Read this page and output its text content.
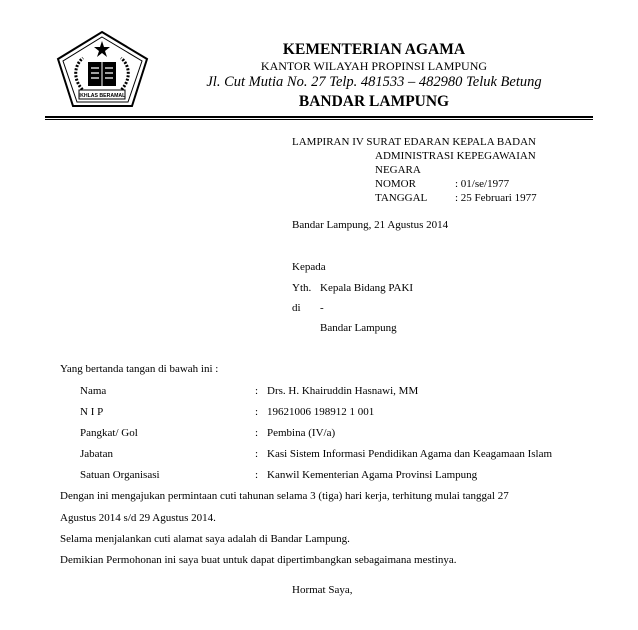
IKHLAS BERAMAL
KEMENTERIAN AGAMA
KANTOR WILAYAH PROPINSI LAMPUNG
Jl. Cut Mutia No. 27 Telp. 481533 – 482980 Teluk Betung
BANDAR LAMPUNG
LAMPIRAN IV SURAT EDARAN KEPALA BADAN
ADMINISTRASI KEPEGAWAIAN
NEGARA
NOMOR	: 01/se/1977
TANGGAL	: 25 Februari 1977
Bandar Lampung, 21 Agustus 2014
Kepada
Yth. Kepala Bidang PAKI
di -
Bandar Lampung
Yang bertanda tangan di bawah ini :
Nama	: Drs. H. Khairuddin Hasnawi, MM
N I P	: 19621006 198912 1 001
Pangkat/ Gol	: Pembina (IV/a)
Jabatan	: Kasi Sistem Informasi Pendidikan Agama dan Keagamaan Islam
Satuan Organisasi	: Kanwil Kementerian Agama Provinsi Lampung
Dengan ini mengajukan permintaan cuti tahunan selama 3 (tiga) hari kerja, terhitung mulai tanggal 27
Agustus 2014 s/d 29 Agustus 2014.
Selama menjalankan cuti alamat saya adalah di Bandar Lampung.
Demikian Permohonan ini saya buat untuk dapat dipertimbangkan sebagaimana mestinya.
Hormat Saya,
